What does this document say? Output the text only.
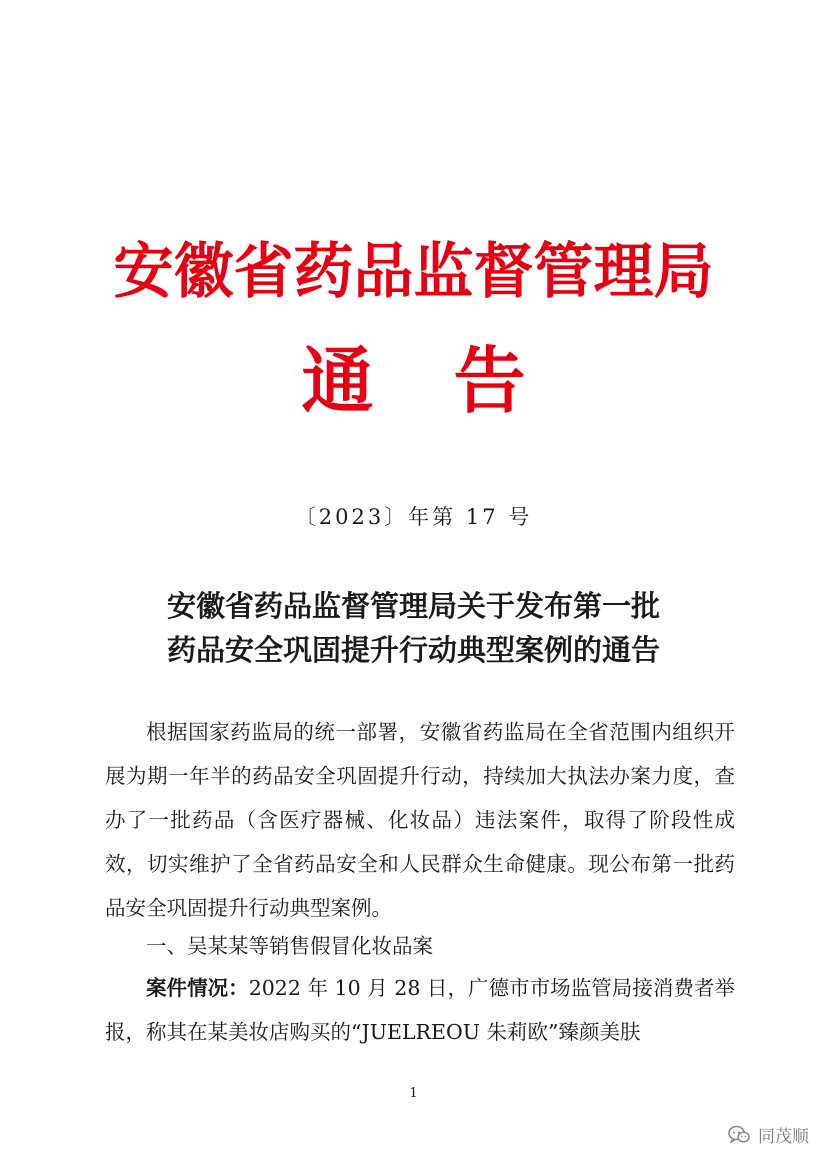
安徽省药品监督管理局
通 告
〔2023〕年第 17 号
安徽省药品监督管理局关于发布第一批
药品安全巩固提升行动典型案例的通告

根据国家药监局的统一部署，安徽省药监局在全省范围内组织开展为期一年半的药品安全巩固提升行动，持续加大执法办案力度，查办了一批药品（含医疗器械、化妆品）违法案件，取得了阶段性成效，切实维护了全省药品安全和人民群众生命健康。现公布第一批药品安全巩固提升行动典型案例。

一、吴某某等销售假冒化妆品案

案件情况：2022 年 10 月 28 日，广德市市场监管局接消费者举报，称其在某美妆店购买的“JUELREOU 朱莉欧”臻颜美肤

1
同茂顺
